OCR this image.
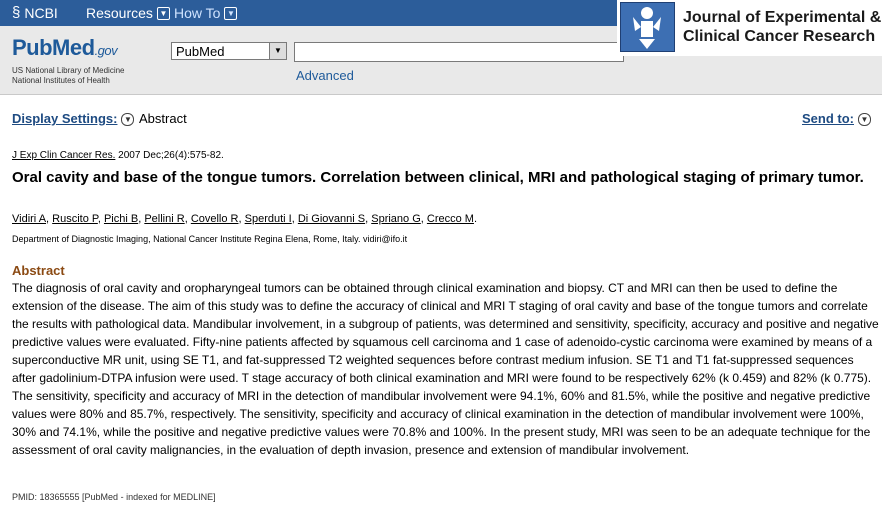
§ NCBI Resources ▼ How To ▼
PubMed.gov
US National Library of Medicine
National Institutes of Health
PubMed	▼
Advanced
Journal of Experimental &
Clinical Cancer Research
Display Settings: ▼ Abstract	Send to: ▼
J Exp Clin Cancer Res. 2007 Dec;26(4):575-82.
Oral cavity and base of the tongue tumors. Correlation between clinical, MRI and pathological staging of primary tumor.
Vidiri A, Ruscito P, Pichi B, Pellini R, Covello R, Sperduti I, Di Giovanni S, Spriano G, Crecco M.
Department of Diagnostic Imaging, National Cancer Institute Regina Elena, Rome, Italy. vidiri@ifo.it
Abstract
The diagnosis of oral cavity and oropharyngeal tumors can be obtained through clinical examination and biopsy. CT and MRI can then be used to define the extension of the disease. The aim of this study was to define the accuracy of clinical and MRI T staging of oral cavity and base of the tongue tumors and correlate the results with pathological data. Mandibular involvement, in a subgroup of patients, was determined and sensitivity, specificity, accuracy and positive and negative predictive values were evaluated. Fifty-nine patients affected by squamous cell carcinoma and 1 case of adenoido-cystic carcinoma were examined by means of a superconductive MR unit, using SE T1, and fat-suppressed T2 weighted sequences before contrast medium infusion. SE T1 and T1 fat-suppressed sequences after gadolinium-DTPA infusion were used. T stage accuracy of both clinical examination and MRI were found to be respectively 62% (k 0.459) and 82% (k 0.775). The sensitivity, specificity and accuracy of MRI in the detection of mandibular involvement were 94.1%, 60% and 81.5%, while the positive and negative predictive values were 80% and 85.7%, respectively. The sensitivity, specificity and accuracy of clinical examination in the detection of mandibular involvement were 100%, 30% and 74.1%, while the positive and negative predictive values were 70.8% and 100%. In the present study, MRI was seen to be an adequate technique for the assessment of oral cavity malignancies, in the evaluation of depth invasion, presence and extension of mandibular involvement.
PMID: 18365555 [PubMed - indexed for MEDLINE]
